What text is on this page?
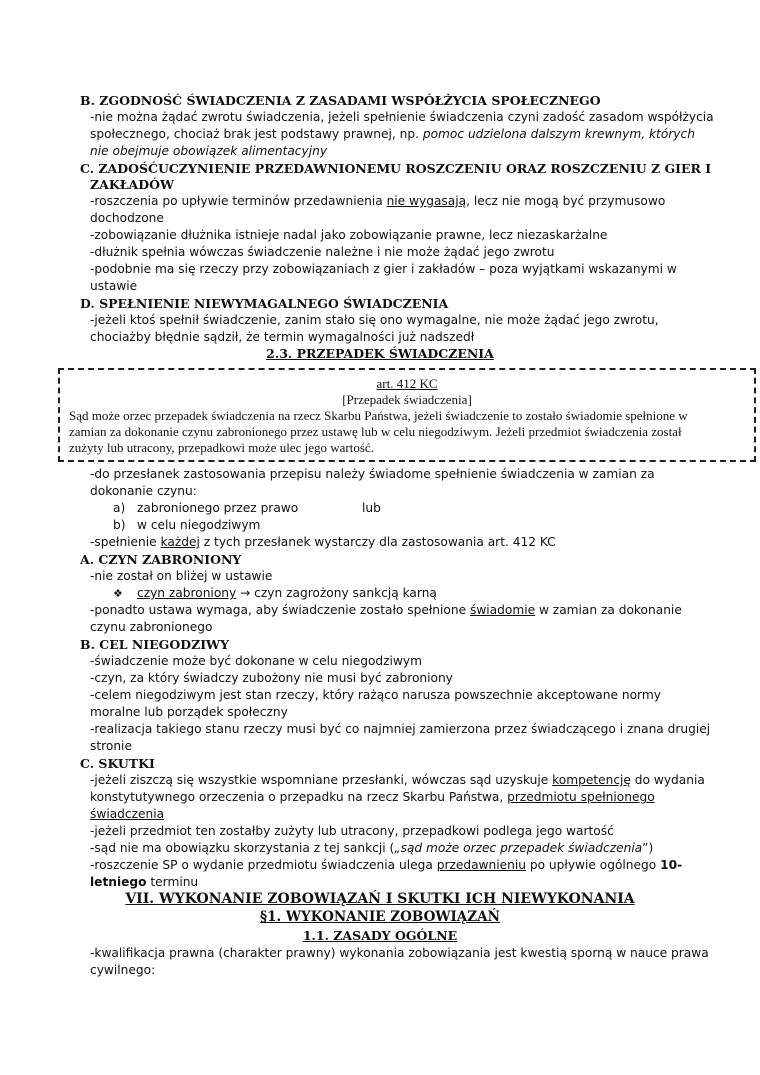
B. ZGODNOŚĆ ŚWIADCZENIA Z ZASADAMI WSPÓŁŻYCIA SPOŁECZNEGO
-nie można żądać zwrotu świadczenia, jeżeli spełnienie świadczenia czyni zadość zasadom współżycia
społecznego, chociaż brak jest podstawy prawnej, np. pomoc udzielona dalszym krewnym, których
nie obejmuje obowiązek alimentacyjny
C. ZADOŚĆUCZYNIENIE PRZEDAWNIONEMU ROSZCZENIU ORAZ ROSZCZENIU Z GIER I
ZAKŁADÓW
-roszczenia po upływie terminów przedawnienia nie wygasają, lecz nie mogą być przymusowo
dochodzone
-zobowiązanie dłużnika istnieje nadal jako zobowiązanie prawne, lecz niezaskarżalne
-dłużnik spełnia wówczas świadczenie należne i nie może żądać jego zwrotu
-podobnie ma się rzeczy przy zobowiązaniach z gier i zakładów – poza wyjątkami wskazanymi w
ustawie
D. SPEŁNIENIE NIEWYMAGALNEGO ŚWIADCZENIA
-jeżeli ktoś spełnił świadczenie, zanim stało się ono wymagalne, nie może żądać jego zwrotu,
chociażby błędnie sądził, że termin wymagalności już nadszedł
2.3. PRZEPADEK ŚWIADCZENIA
art. 412 KC
[Przepadek świadczenia]
Sąd może orzec przepadek świadczenia na rzecz Skarbu Państwa, jeżeli świadczenie to zostało świadomie spełnione w
zamian za dokonanie czynu zabronionego przez ustawę lub w celu niegodziwym. Jeżeli przedmiot świadczenia został
zużyty lub utracony, przepadkowi może ulec jego wartość.
-do przesłanek zastosowania przepisu należy świadome spełnienie świadczenia w zamian za
dokonanie czynu:
a) zabronionego przez prawo	lub
b) w celu niegodziwym
-spełnienie każdej z tych przesłanek wystarczy dla zastosowania art. 412 KC
A. CZYN ZABRONIONY
-nie został on bliżej w ustawie
❖ czyn zabroniony → czyn zagrożony sankcją karną
-ponadto ustawa wymaga, aby świadczenie zostało spełnione świadomie w zamian za dokonanie
czynu zabronionego
B. CEL NIEGODZIWY
-świadczenie może być dokonane w celu niegodziwym
-czyn, za który świadczy zubożony nie musi być zabroniony
-celem niegodziwym jest stan rzeczy, który rażąco narusza powszechnie akceptowane normy
moralne lub porządek społeczny
-realizacja takiego stanu rzeczy musi być co najmniej zamierzona przez świadczącego i znana drugiej
stronie
C. SKUTKI
-jeżeli ziszczą się wszystkie wspomniane przesłanki, wówczas sąd uzyskuje kompetencję do wydania
konstytutywnego orzeczenia o przepadku na rzecz Skarbu Państwa, przedmiotu spełnionego
świadczenia
-jeżeli przedmiot ten zostałby zużyty lub utracony, przepadkowi podlega jego wartość
-sąd nie ma obowiązku skorzystania z tej sankcji („sąd może orzec przepadek świadczenia”)
-roszczenie SP o wydanie przedmiotu świadczenia ulega przedawnieniu po upływie ogólnego 10-
letniego terminu
VII. WYKONANIE ZOBOWIĄZAŃ I SKUTKI ICH NIEWYKONANIA
§1. WYKONANIE ZOBOWIĄZAŃ
1.1. ZASADY OGÓLNE
-kwalifikacja prawna (charakter prawny) wykonania zobowiązania jest kwestią sporną w nauce prawa
cywilnego:
